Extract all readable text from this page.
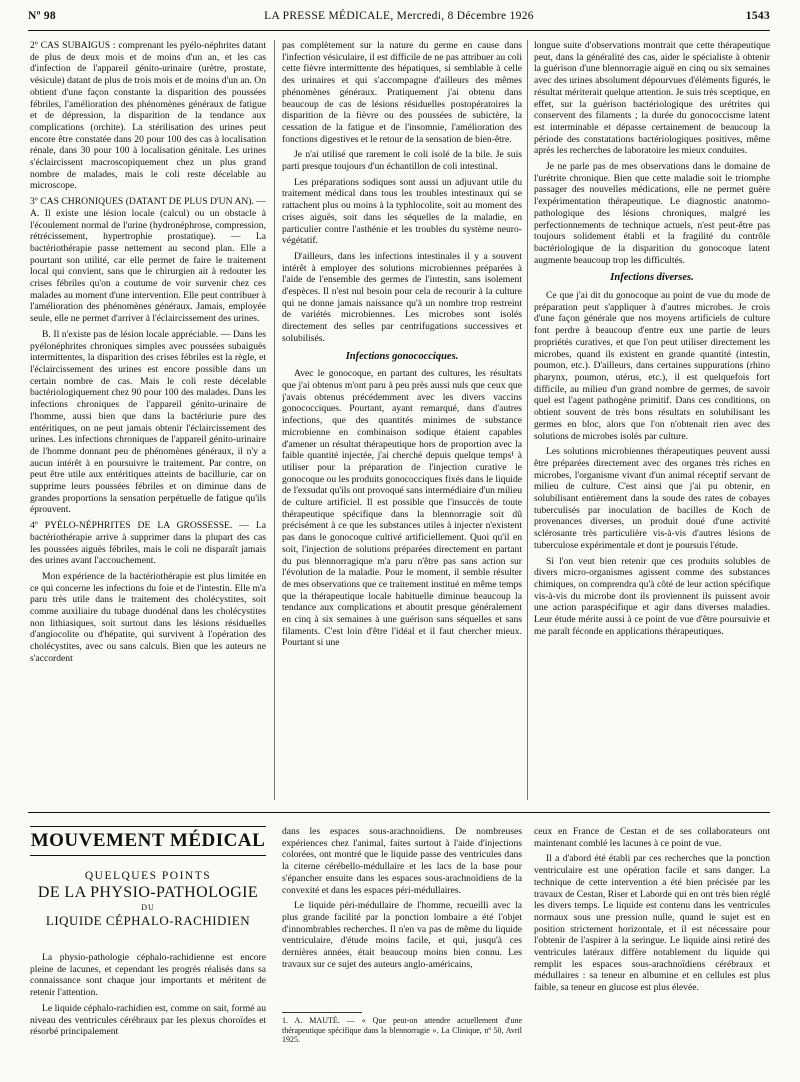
Nº 98	LA PRESSE MÉDICALE, Mercredi, 8 Décembre 1926	1543

2º CAS SUBAIGUS : comprenant les pyélo-néphrites datant de plus de deux mois et de moins d'un an, et les cas d'infection de l'appareil génito-urinaire (urètre, prostate, vésicule) datant de plus de trois mois et de moins d'un an. On obtient d'une façon constante la disparition des poussées fébriles, l'amélioration des phénomènes généraux de fatigue et de dépression, la disparition de la tendance aux complications (orchite). La stérilisation des urines peut encore être constatée dans 20 pour 100 des cas à localisation rénale, dans 30 pour 100 à localisation génitale. Les urines s'éclaircissent macroscopiquement chez un plus grand nombre de malades, mais le coli reste décelable au microscope.

3º CAS CHRONIQUES (DATANT DE PLUS D'UN AN). — A. Il existe une lésion locale (calcul) ou un obstacle à l'écoulement normal de l'urine (hydronéphrose, compression, rétrécissement, hypertrophie prostatique). — La bactériothérapie passe nettement au second plan. Elle a pourtant son utilité, car elle permet de faire le traitement local qui convient, sans que le chirurgien ait à redouter les crises fébriles qu'on a coutume de voir survenir chez ces malades au moment d'une intervention. Elle peut contribuer à l'amélioration des phénomènes généraux. Jamais, employée seule, elle ne permet d'arriver à l'éclaircissement des urines.

B. Il n'existe pas de lésion locale appréciable. — Dans les pyélonéphrites chroniques simples avec poussées subaiguës intermittentes, la disparition des crises fébriles est la règle, et l'éclaircissement des urines est encore possible dans un certain nombre de cas. Mais le coli reste décelable bactériologiquement chez 90 pour 100 des malades. Dans les infections chroniques de l'appareil génito-urinaire de l'homme, aussi bien que dans la bactériurie pure des entéritiques, on ne peut jamais obtenir l'éclaircissement des urines. Les infections chroniques de l'appareil génito-urinaire de l'homme donnant peu de phénomènes généraux, il n'y a aucun intérêt à en poursuivre le traitement. Par contre, on peut être utile aux entéritiques atteints de bacillurie, car on supprime leurs poussées fébriles et on diminue dans de grandes proportions la sensation perpétuelle de fatigue qu'ils éprouvent.

4º PYÉLO-NÉPHRITES DE LA GROSSESSE. — La bactériothérapie arrive à supprimer dans la plupart des cas les poussées aiguës fébriles, mais le coli ne disparaît jamais des urines avant l'accouchement.

Mon expérience de la bactériothérapie est plus limitée en ce qui concerne les infections du foie et de l'intestin. Elle m'a paru très utile dans le traitement des cholécystites, soit comme auxiliaire du tubage duodénal dans les cholécystites non lithiasiques, soit surtout dans les lésions résiduelles d'angiocolite ou d'hépatite, qui survivent à l'opération des cholécystites, avec ou sans calculs. Bien que les auteurs ne s'accordent

pas complètement sur la nature du germe en cause dans l'infection vésiculaire, il est difficile de ne pas attribuer au coli cette fièvre intermittente des hépatiques, si semblable à celle des urinaires et qui s'accompagne d'ailleurs des mêmes phénomènes généraux. Pratiquement j'ai obtenu dans beaucoup de cas de lésions résiduelles postopératoires la disparition de la fièvre ou des poussées de subictère, la cessation de la fatigue et de l'insomnie, l'amélioration des fonctions digestives et le retour de la sensation de bien-être.

Je n'ai utilisé que rarement le coli isolé de la bile. Je suis parti presque toujours d'un échantillon de coli intestinal.

Les préparations sodiques sont aussi un adjuvant utile du traitement médical dans tous les troubles intestinaux qui se rattachent plus ou moins à la typhlocolite, soit au moment des crises aiguës, soit dans les séquelles de la maladie, en particulier contre l'asthénie et les troubles du système neuro-végétatif.

D'ailleurs, dans les infections intestinales il y a souvent intérêt à employer des solutions microbiennes préparées à l'aide de l'ensemble des germes de l'intestin, sans isolement d'espèces. Il n'est nul besoin pour cela de recourir à la culture qui ne donne jamais naissance qu'à un nombre trop restreint de variétés microbiennes. Les microbes sont isolés directement des selles par centrifugations successives et solubilisés.

Infections gonococciques.

Avec le gonocoque, en partant des cultures, les résultats que j'ai obtenus m'ont paru à peu près aussi nuls que ceux que j'avais obtenus précédemment avec les divers vaccins gonococciques. Pourtant, ayant remarqué, dans d'autres infections, que des quantités minimes de substance microbienne en combinaison sodique étaient capables d'amener un résultat thérapeutique hors de proportion avec la faible quantité injectée, j'ai cherché depuis quelque temps¹ à utiliser pour la préparation de l'injection curative le gonocoque ou les produits gonococciques fixés dans le liquide de l'exsudat qu'ils ont provoqué sans intermédiaire d'un milieu de culture artificiel. Il est possible que l'insuccès de toute thérapeutique spécifique dans la blennorragie soit dû précisément à ce que les substances utiles à injecter n'existent pas dans le gonocoque cultivé artificiellement. Quoi qu'il en soit, l'injection de solutions préparées directement en partant du pus blennorragique m'a paru n'être pas sans action sur l'évolution de la maladie. Pour le moment, il semble résulter de mes observations que ce traitement institué en même temps que la thérapeutique locale habituelle diminue beaucoup la tendance aux complications et aboutit presque généralement en cinq à six semaines à une guérison sans séquelles et sans filaments. C'est loin d'être l'idéal et il faut chercher mieux. Pourtant si une

longue suite d'observations montrait que cette thérapeutique peut, dans la généralité des cas, aider le spécialiste à obtenir la guérison d'une blennorragie aiguë en cinq ou six semaines avec des urines absolument dépourvues d'éléments figurés, le résultat mériterait quelque attention. Je suis très sceptique, en effet, sur la guérison bactériologique des urétrites qui conservent des filaments ; la durée du gonococcisme latent est interminable et dépasse certainement de beaucoup la période des constatations bactériologiques positives, même après les recherches de laboratoire les mieux conduites.

Je ne parle pas de mes observations dans le domaine de l'urétrite chronique. Bien que cette maladie soit le triomphe passager des nouvelles médications, elle ne permet guère l'expérimentation thérapeutique. Le diagnostic anatomo-pathologique des lésions chroniques, malgré les perfectionnements de technique actuels, n'est peut-être pas toujours solidement établi et la fragilité du contrôle bactériologique de la disparition du gonocoque latent augmente beaucoup trop les difficultés.

Infections diverses.

Ce que j'ai dit du gonocoque au point de vue du mode de préparation peut s'appliquer à d'autres microbes. Je crois d'une façon générale que nos moyens artificiels de culture font perdre à beaucoup d'entre eux une partie de leurs propriétés curatives, et que l'on peut utiliser directement les microbes, quand ils existent en grande quantité (intestin, poumon, etc.). D'ailleurs, dans certaines suppurations (rhino pharynx, poumon, utérus, etc.), il est quelquefois fort difficile, au milieu d'un grand nombre de germes, de savoir quel est l'agent pathogène primitif. Dans ces conditions, on obtient souvent de très bons résultats en solubilisant les germes en bloc, alors que l'on n'obtenait rien avec des solutions de microbes isolés par culture.

Les solutions microbiennes thérapeutiques peuvent aussi être préparées directement avec des organes très riches en microbes, l'organisme vivant d'un animal réceptif servant de milieu de culture. C'est ainsi que j'ai pu obtenir, en solubilisant entièrement dans la soude des rates de cobayes tuberculisés par inoculation de bacilles de Koch de provenances diverses, un produit doué d'une activité sclérosante très particulière vis-à-vis d'autres lésions de tuberculose expérimentale et dont je poursuis l'étude.

Si l'on veut bien retenir que ces produits solubles de divers micro-organismes agissent comme des substances chimiques, on comprendra qu'à côté de leur action spécifique vis-à-vis du microbe dont ils proviennent ils puissent avoir une action paraspécifique et agir dans diverses maladies. Leur étude mérite aussi à ce point de vue d'être poursuivie et me paraît féconde en applications thérapeutiques.

MOUVEMENT MÉDICAL
QUELQUES POINTS
DE LA PHYSIO-PATHOLOGIE
DU
LIQUIDE CÉPHALO-RACHIDIEN

La physio-pathologie céphalo-rachidienne est encore pleine de lacunes, et cependant les progrès réalisés dans sa connaissance sont chaque jour importants et méritent de retenir l'attention.

Le liquide céphalo-rachidien est, comme on sait, formé au niveau des ventricules cérébraux par les plexus choroïdes et résorbé principalement

dans les espaces sous-arachnoïdiens. De nombreuses expériences chez l'animal, faites surtout à l'aide d'injections colorées, ont montré que le liquide passe des ventricules dans la citerne cérébello-médullaire et les lacs de la base pour s'épancher ensuite dans les espaces sous-arachnoïdiens de la convexité et dans les espaces péri-médullaires.

Le liquide péri-médullaire de l'homme, recueilli avec la plus grande facilité par la ponction lombaire a été l'objet d'innombrables recherches. Il n'en va pas de même du liquide ventriculaire, d'étude moins facile, et qui, jusqu'à ces dernières années, était beaucoup moins bien connu. Les travaux sur ce sujet des auteurs anglo-américains,

1. A. MAUTÉ. — « Que peut-on attendre actuellement d'une thérapeutique spécifique dans la blennorragie ». La Clinique, nº 50, Avril 1925.

ceux en France de Cestan et de ses collaborateurs ont maintenant comblé les lacunes à ce point de vue.

Il a d'abord été établi par ces recherches que la ponction ventriculaire est une opération facile et sans danger. La technique de cette intervention a été bien précisée par les travaux de Cestan, Riser et Laborde qui en ont très bien réglé les divers temps. Le liquide est contenu dans les ventricules normaux sous une pression nulle, quand le sujet est en position strictement horizontale, et il est nécessaire pour l'obtenir de l'aspirer à la seringue. Le liquide ainsi retiré des ventricules latéraux diffère notablement du liquide qui remplit les espaces sous-arachnoïdiens cérébraux et médullaires : sa teneur en albumine et en cellules est plus faible, sa teneur en glucose est plus élevée.
